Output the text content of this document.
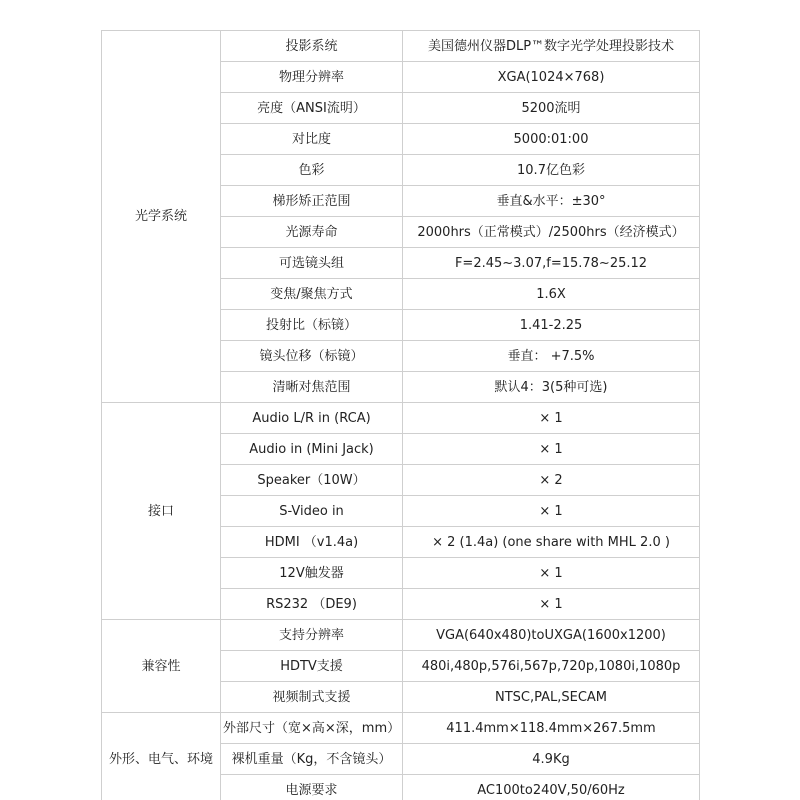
光学系统	投影系统	美国德州仪器DLP™数字光学处理投影技术
	物理分辨率	XGA(1024×768)
	亮度（ANSI流明）	5200流明
	对比度	5000:01:00
	色彩	10.7亿色彩
	梯形矫正范围	垂直&水平：±30°
	光源寿命	2000hrs（正常模式）/2500hrs（经济模式）
	可选镜头组	F=2.45~3.07,f=15.78~25.12
	变焦/聚焦方式	1.6X
	投射比（标镜）	1.41-2.25
	镜头位移（标镜）	垂直： +7.5%
	清晰对焦范围	默认4：3(5种可选)
接口	Audio L/R in (RCA)	× 1
	Audio in (Mini Jack)	× 1
	Speaker（10W）	× 2
	S-Video in	× 1
	HDMI （v1.4a)	× 2 (1.4a) (one share with MHL 2.0 )
	12V触发器	× 1
	RS232 （DE9)	× 1
兼容性	支持分辨率	VGA(640x480)toUXGA(1600x1200)
	HDTV支援	480i,480p,576i,567p,720p,1080i,1080p
	视频制式支援	NTSC,PAL,SECAM
外形、电气、环境	外部尺寸（宽×高×深，mm）	411.4mm×118.4mm×267.5mm
	裸机重量（Kg，不含镜头）	4.9Kg
	电源要求	AC100to240V,50/60Hz
